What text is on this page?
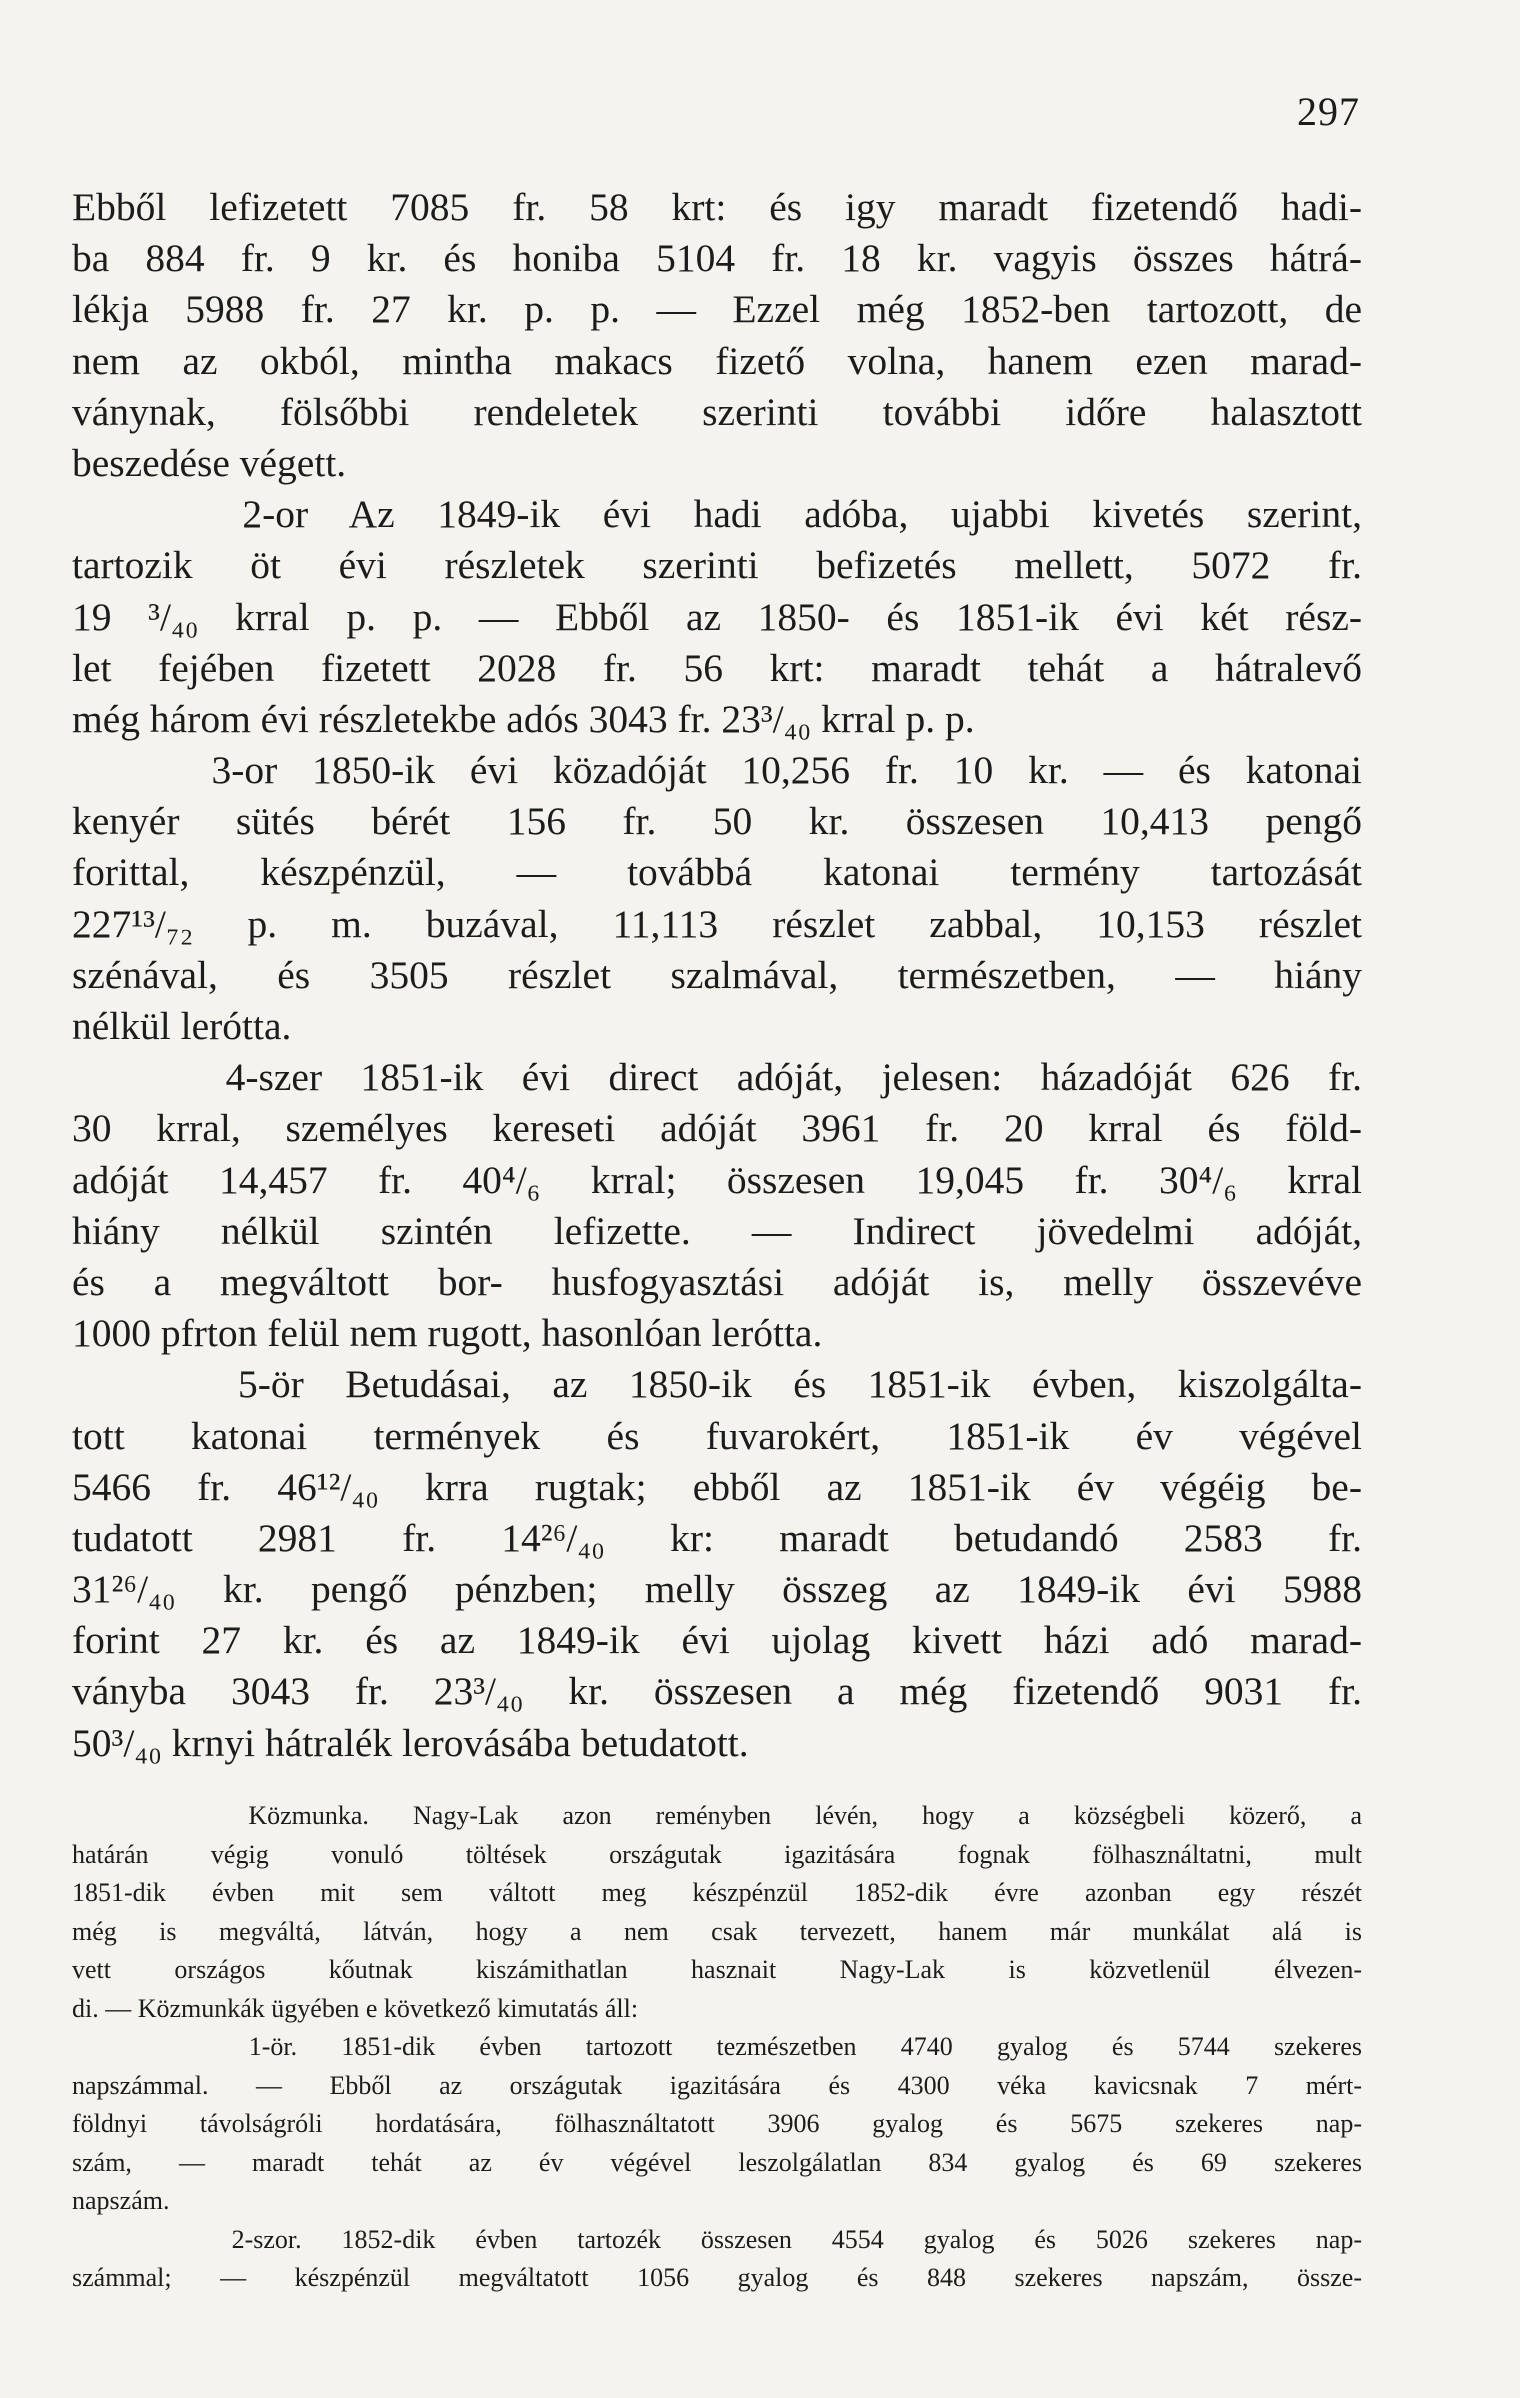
297
Ebből lefizetett 7085 fr. 58 krt: és igy maradt fizetendő hadi-
ba 884 fr. 9 kr. és honiba 5104 fr. 18 kr. vagyis összes hátrá-
lékja 5988 fr. 27 kr. p. p. — Ezzel még 1852-ben tartozott, de
nem az okból, mintha makacs fizető volna, hanem ezen marad-
ványnak, fölsőbbi rendeletek szerinti további időre halasztott
beszedése végett.
2-or Az 1849-ik évi hadi adóba, ujabbi kivetés szerint,
tartozik öt évi részletek szerinti befizetés mellett, 5072 fr.
19 ³/₄₀ krral p. p. — Ebből az 1850- és 1851-ik évi két rész-
let fejében fizetett 2028 fr. 56 krt: maradt tehát a hátralevő
még három évi részletekbe adós 3043 fr. 23³/₄₀ krral p. p.
3-or 1850-ik évi közadóját 10,256 fr. 10 kr. — és katonai
kenyér sütés bérét 156 fr. 50 kr. összesen 10,413 pengő
forittal, készpénzül, — továbbá katonai termény tartozását
227¹³/₇₂ p. m. buzával, 11,113 részlet zabbal, 10,153 részlet
szénával, és 3505 részlet szalmával, természetben, — hiány
nélkül lerótta.
4-szer 1851-ik évi direct adóját, jelesen: házadóját 626 fr.
30 krral, személyes kereseti adóját 3961 fr. 20 krral és föld-
adóját 14,457 fr. 40⁴/₆ krral; összesen 19,045 fr. 30⁴/₆ krral
hiány nélkül szintén lefizette. — Indirect jövedelmi adóját,
és a megváltott bor- husfogyasztási adóját is, melly összevéve
1000 pfrton felül nem rugott, hasonlóan lerótta.
5-ör Betudásai, az 1850-ik és 1851-ik évben, kiszolgálta-
tott katonai termények és fuvarokért, 1851-ik év végével
5466 fr. 46¹²/₄₀ krra rugtak; ebből az 1851-ik év végéig be-
tudatott 2981 fr. 14²⁶/₄₀ kr: maradt betudandó 2583 fr.
31²⁶/₄₀ kr. pengő pénzben; melly összeg az 1849-ik évi 5988
forint 27 kr. és az 1849-ik évi ujolag kivett házi adó marad-
ványba 3043 fr. 23³/₄₀ kr. összesen a még fizetendő 9031 fr.
50³/₄₀ krnyi hátralék lerovásába betudatott.
Közmunka. Nagy-Lak azon reményben lévén, hogy a községbeli közerő, a
határán végig vonuló töltések országutak igazitására fognak fölhasználtatni, mult
1851-dik évben mit sem váltott meg készpénzül 1852-dik évre azonban egy részét
még is megváltá, látván, hogy a nem csak tervezett, hanem már munkálat alá is
vett országos kőutnak kiszámithatlan hasznait Nagy-Lak is közvetlenül élvezen-
di. — Közmunkák ügyében e következő kimutatás áll:
1-ör. 1851-dik évben tartozott tezmészetben 4740 gyalog és 5744 szekeres
napszámmal. — Ebből az országutak igazitására és 4300 véka kavicsnak 7 mért-
földnyi távolságróli hordatására, fölhasználtatott 3906 gyalog és 5675 szekeres nap-
szám, — maradt tehát az év végével leszolgálatlan 834 gyalog és 69 szekeres
napszám.
2-szor. 1852-dik évben tartozék összesen 4554 gyalog és 5026 szekeres nap-
számmal; — készpénzül megváltatott 1056 gyalog és 848 szekeres napszám, össze-
